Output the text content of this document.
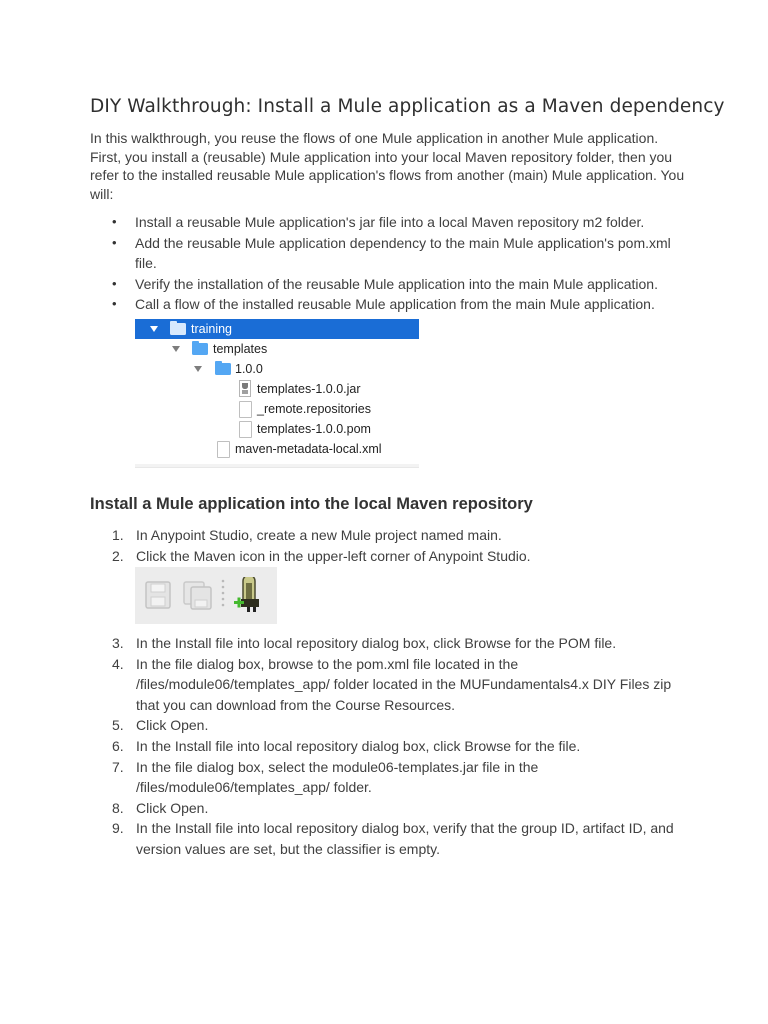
DIY Walkthrough: Install a Mule application as a Maven dependency
In this walkthrough, you reuse the flows of one Mule application in another Mule application. First, you install a (reusable) Mule application into your local Maven repository folder, then you refer to the installed reusable Mule application's flows from another (main) Mule application. You will:
• Install a reusable Mule application's jar file into a local Maven repository m2 folder.
• Add the reusable Mule application dependency to the main Mule application's pom.xml file.
• Verify the installation of the reusable Mule application into the main Mule application.
• Call a flow of the installed reusable Mule application from the main Mule application.
training
templates
1.0.0
templates-1.0.0.jar
_remote.repositories
templates-1.0.0.pom
maven-metadata-local.xml
Install a Mule application into the local Maven repository
1. In Anypoint Studio, create a new Mule project named main.
2. Click the Maven icon in the upper-left corner of Anypoint Studio.
3. In the Install file into local repository dialog box, click Browse for the POM file.
4. In the file dialog box, browse to the pom.xml file located in the /files/module06/templates_app/ folder located in the MUFundamentals4.x DIY Files zip that you can download from the Course Resources.
5. Click Open.
6. In the Install file into local repository dialog box, click Browse for the file.
7. In the file dialog box, select the module06-templates.jar file in the /files/module06/templates_app/ folder.
8. Click Open.
9. In the Install file into local repository dialog box, verify that the group ID, artifact ID, and version values are set, but the classifier is empty.
